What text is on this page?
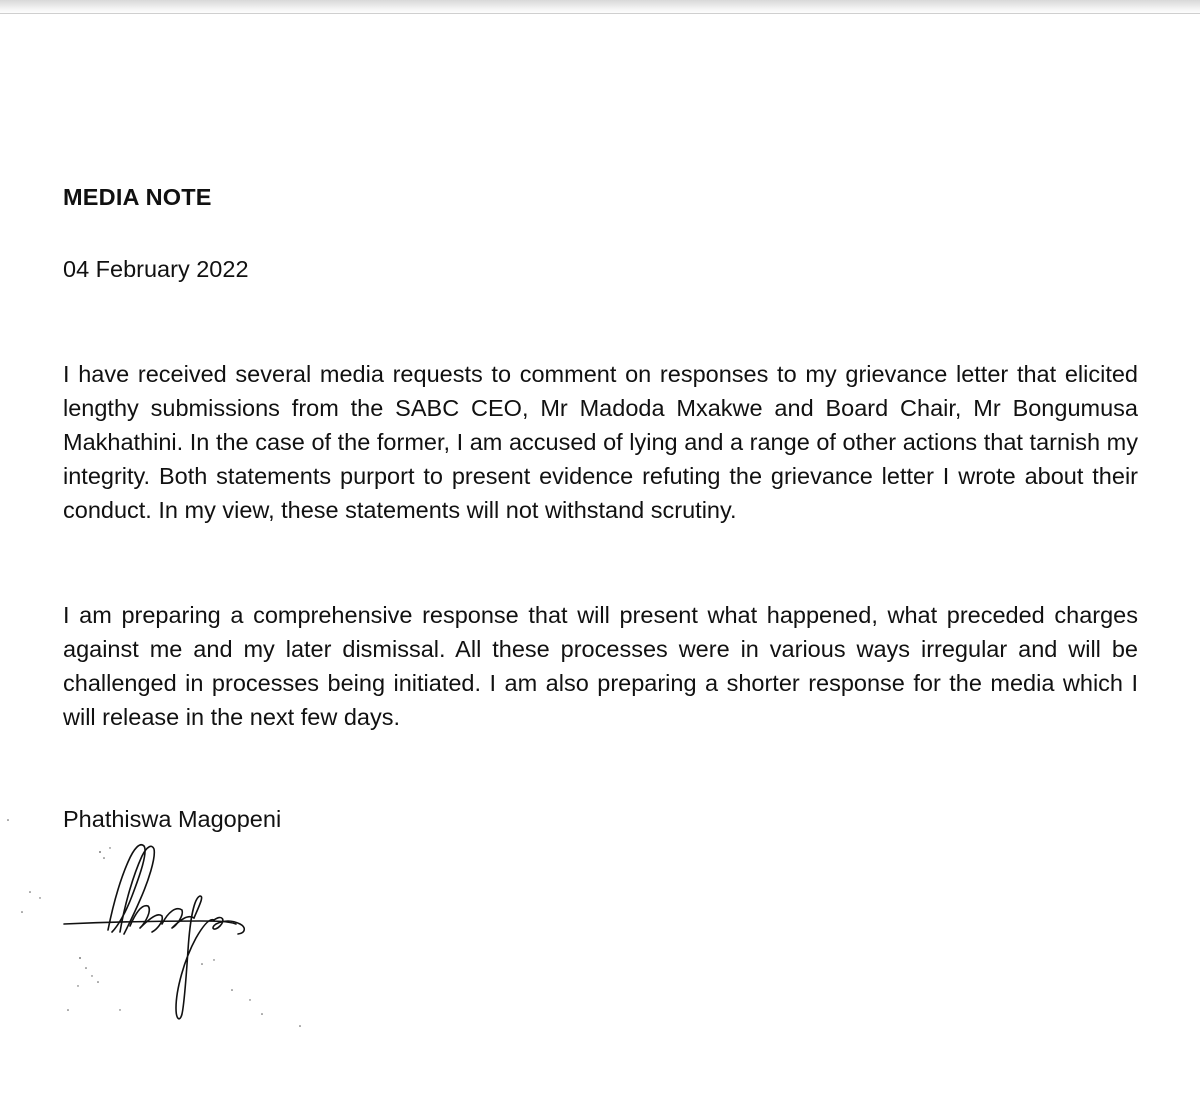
MEDIA NOTE

04 February 2022

I have received several media requests to comment on responses to my grievance letter that elicited lengthy submissions from the SABC CEO, Mr Madoda Mxakwe and Board Chair, Mr Bongumusa Makhathini. In the case of the former, I am accused of lying and a range of other actions that tarnish my integrity. Both statements purport to present evidence refuting the grievance letter I wrote about their conduct. In my view, these statements will not withstand scrutiny.

I am preparing a comprehensive response that will present what happened, what preceded charges against me and my later dismissal. All these processes were in various ways irregular and will be challenged in processes being initiated. I am also preparing a shorter response for the media which I will release in the next few days.

Phathiswa Magopeni
